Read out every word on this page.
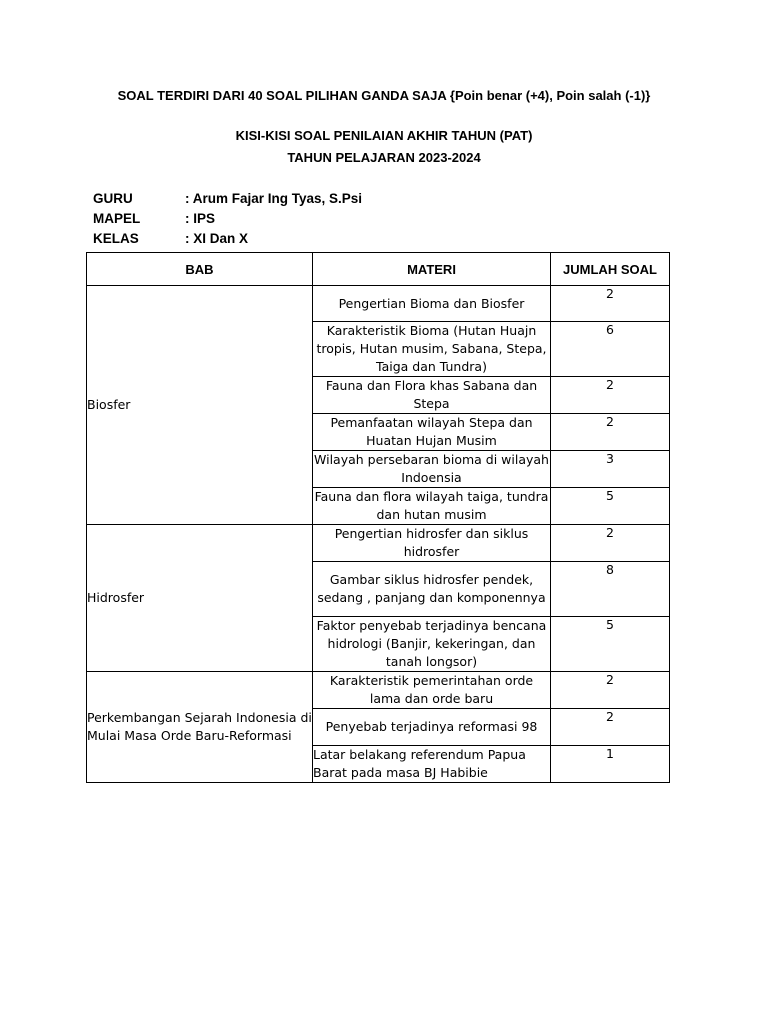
SOAL TERDIRI DARI 40 SOAL PILIHAN GANDA SAJA {Poin benar (+4), Poin salah (-1)}
KISI-KISI SOAL PENILAIAN AKHIR TAHUN (PAT)
TAHUN PELAJARAN 2023-2024
GURU	: Arum Fajar Ing Tyas, S.Psi
MAPEL	: IPS
KELAS	: XI Dan X
BAB	MATERI	JUMLAH SOAL
Biosfer	Pengertian Bioma dan Biosfer	2
	Karakteristik Bioma (Hutan Huajn tropis, Hutan musim, Sabana, Stepa, Taiga dan Tundra)	6
	Fauna dan Flora khas Sabana dan Stepa	2
	Pemanfaatan wilayah Stepa dan Huatan Hujan Musim	2
	Wilayah persebaran bioma di wilayah Indoensia	3
	Fauna dan flora wilayah taiga, tundra dan hutan musim	5
Hidrosfer	Pengertian hidrosfer dan siklus hidrosfer	2
	Gambar siklus hidrosfer pendek, sedang , panjang dan komponennya	8
	Faktor penyebab terjadinya bencana hidrologi (Banjir, kekeringan, dan tanah longsor)	5
Perkembangan Sejarah Indonesia di Mulai Masa Orde Baru-Reformasi	Karakteristik pemerintahan orde lama dan orde baru	2
	Penyebab terjadinya reformasi 98	2
	Latar belakang referendum Papua Barat pada masa BJ Habibie	1
